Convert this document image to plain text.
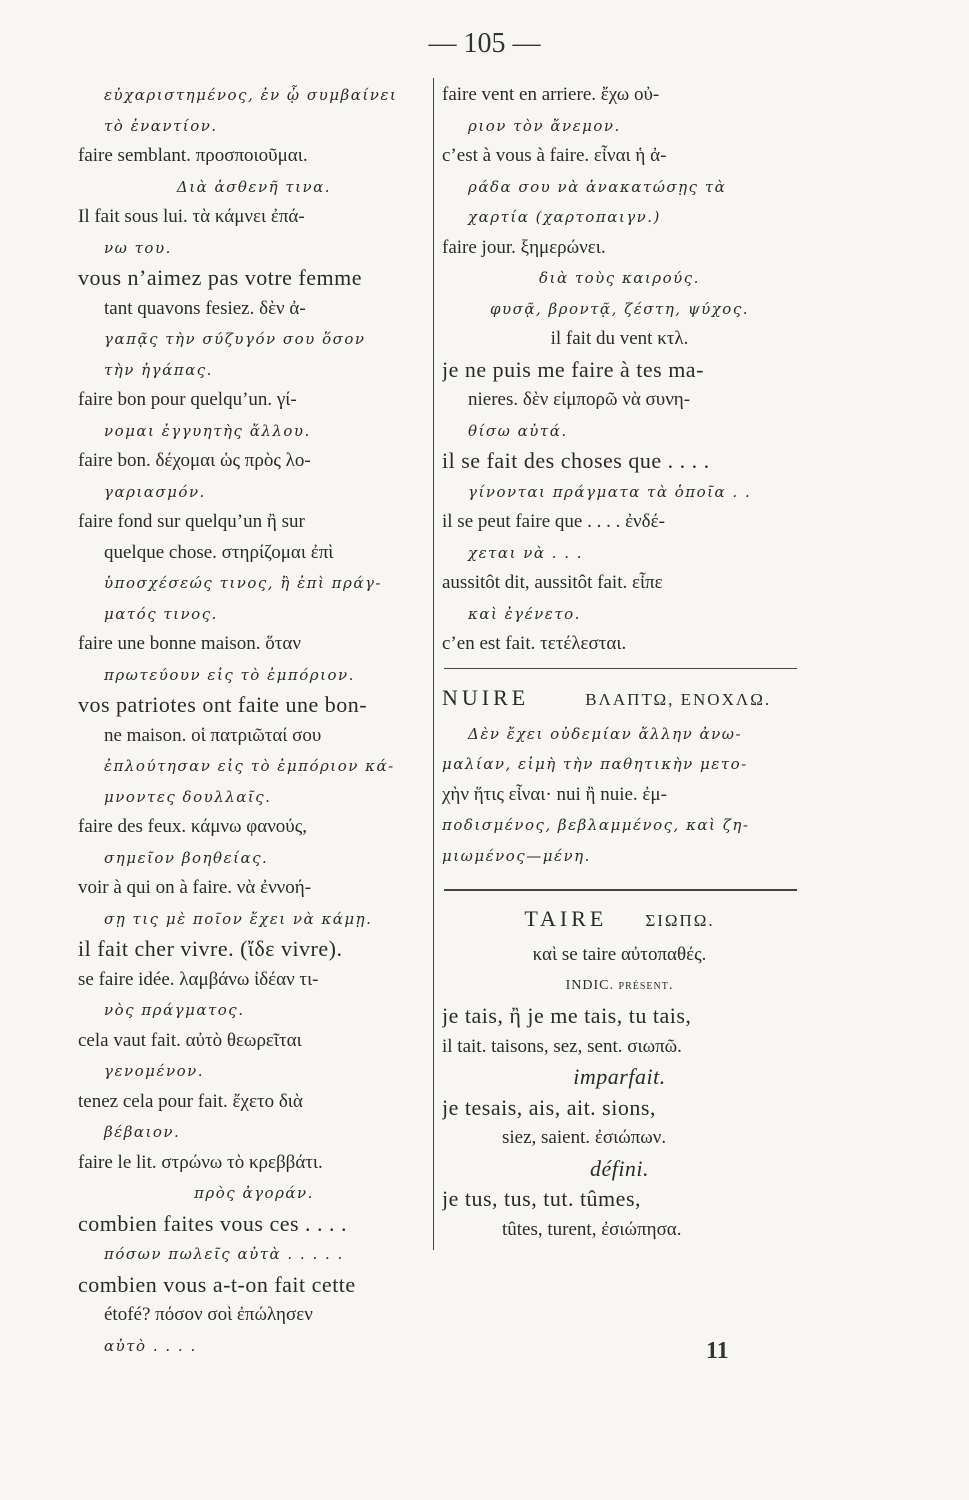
— 105 —
εὐχαριστημένος, ἐν ᾧ συμβαίνει
τὸ ἐναντίον.
faire semblant. προσποιοῦμαι.
Διὰ ἀσθενῆ τινα.
Il fait sous lui. τὰ κάμνει ἐπά-
νω του.
vous n’aimez pas votre femme
tant quavons fesiez. δὲν ἀ-
γαπᾷς τὴν σύζυγόν σου ὅσον
τὴν ἠγάπας.
faire bon pour quelqu’un. γί-
νομαι ἐγγυητὴς ἄλλου.
faire bon. δέχομαι ὡς πρὸς λο-
γαριασμόν.
faire fond sur quelqu’un ἢ sur
quelque chose. στηρίζομαι ἐπὶ
ὑποσχέσεώς τινος, ἢ ἐπὶ πράγ-
ματός τινος.
faire une bonne maison. ὅταν
πρωτεύουν εἰς τὸ ἐμπόριον.
vos patriotes ont faite une bon-
ne maison. οἱ πατριῶταί σου
ἐπλούτησαν εἰς τὸ ἐμπόριον κά-
μνοντες δουλλαῖς.
faire des feux. κάμνω φανούς,
σημεῖον βοηθείας.
voir à qui on à faire. νὰ ἐννοή-
σῃ τις μὲ ποῖον ἔχει νὰ κάμῃ.
il fait cher vivre. (ἴδε vivre).
se faire idée. λαμβάνω ἰδέαν τι-
νὸς πράγματος.
cela vaut fait. αὐτὸ θεωρεῖται
γενομένον.
tenez cela pour fait. ἔχετο διὰ
βέβαιον.
faire le lit. στρώνω τὸ κρεββάτι.
πρὸς ἀγοράν.
combien faites vous ces . . . .
πόσων πωλεῖς αὐτὰ . . . . .
combien vous a-t-on fait cette
étofé? πόσον σοὶ ἐπώλησεν
αὐτὸ . . . .
faire vent en arriere. ἔχω οὐ-
ριον τὸν ἄνεμον.
c’est à vous à faire. εἶναι ἡ ἀ-
ράδα σου νὰ ἀνακατώσῃς τὰ
χαρτία (χαρτοπαιγν.)
faire jour. ξημερώνει.
διὰ τοὺς καιρούς.
φυσᾷ, βροντᾷ, ζέστη, ψύχος.
il fait du vent κτλ.
je ne puis me faire à tes ma-
nieres. δὲν εἰμπορῶ νὰ συνη-
θίσω αὐτά.
il se fait des choses que . . . .
γίνονται πράγματα τὰ ὁποῖα . .
il se peut faire que . . . . ἐνδέ-
χεται νὰ . . .
aussitôt dit, aussitôt fait. εἶπε
καὶ ἐγένετο.
c’en est fait. τετέλεσται.
NUIRE	ΒΛΑΠΤΩ, ΕΝΟΧΛΩ.
Δὲν ἔχει οὐδεμίαν ἄλλην ἀνω-
μαλίαν, εἰμὴ τὴν παθητικὴν μετο-
χὴν ἥτις εἶναι· nui ἢ nuie. ἐμ-
ποδισμένος, βεβλαμμένος, καὶ ζη-
μιωμένος—μένη.
TAIRE ΣΙΩΠΩ.
καὶ se taire αὐτοπαθές.
INDIC. présent.
je tais, ἢ je me tais, tu tais,
il tait. taisons, sez, sent. σιωπῶ.
imparfait.
je tesais, ais, ait. sions,
siez, saient. ἐσιώπων.
défini.
je tus, tus, tut. tûmes,
tûtes, turent, ἐσιώπησα.
11
